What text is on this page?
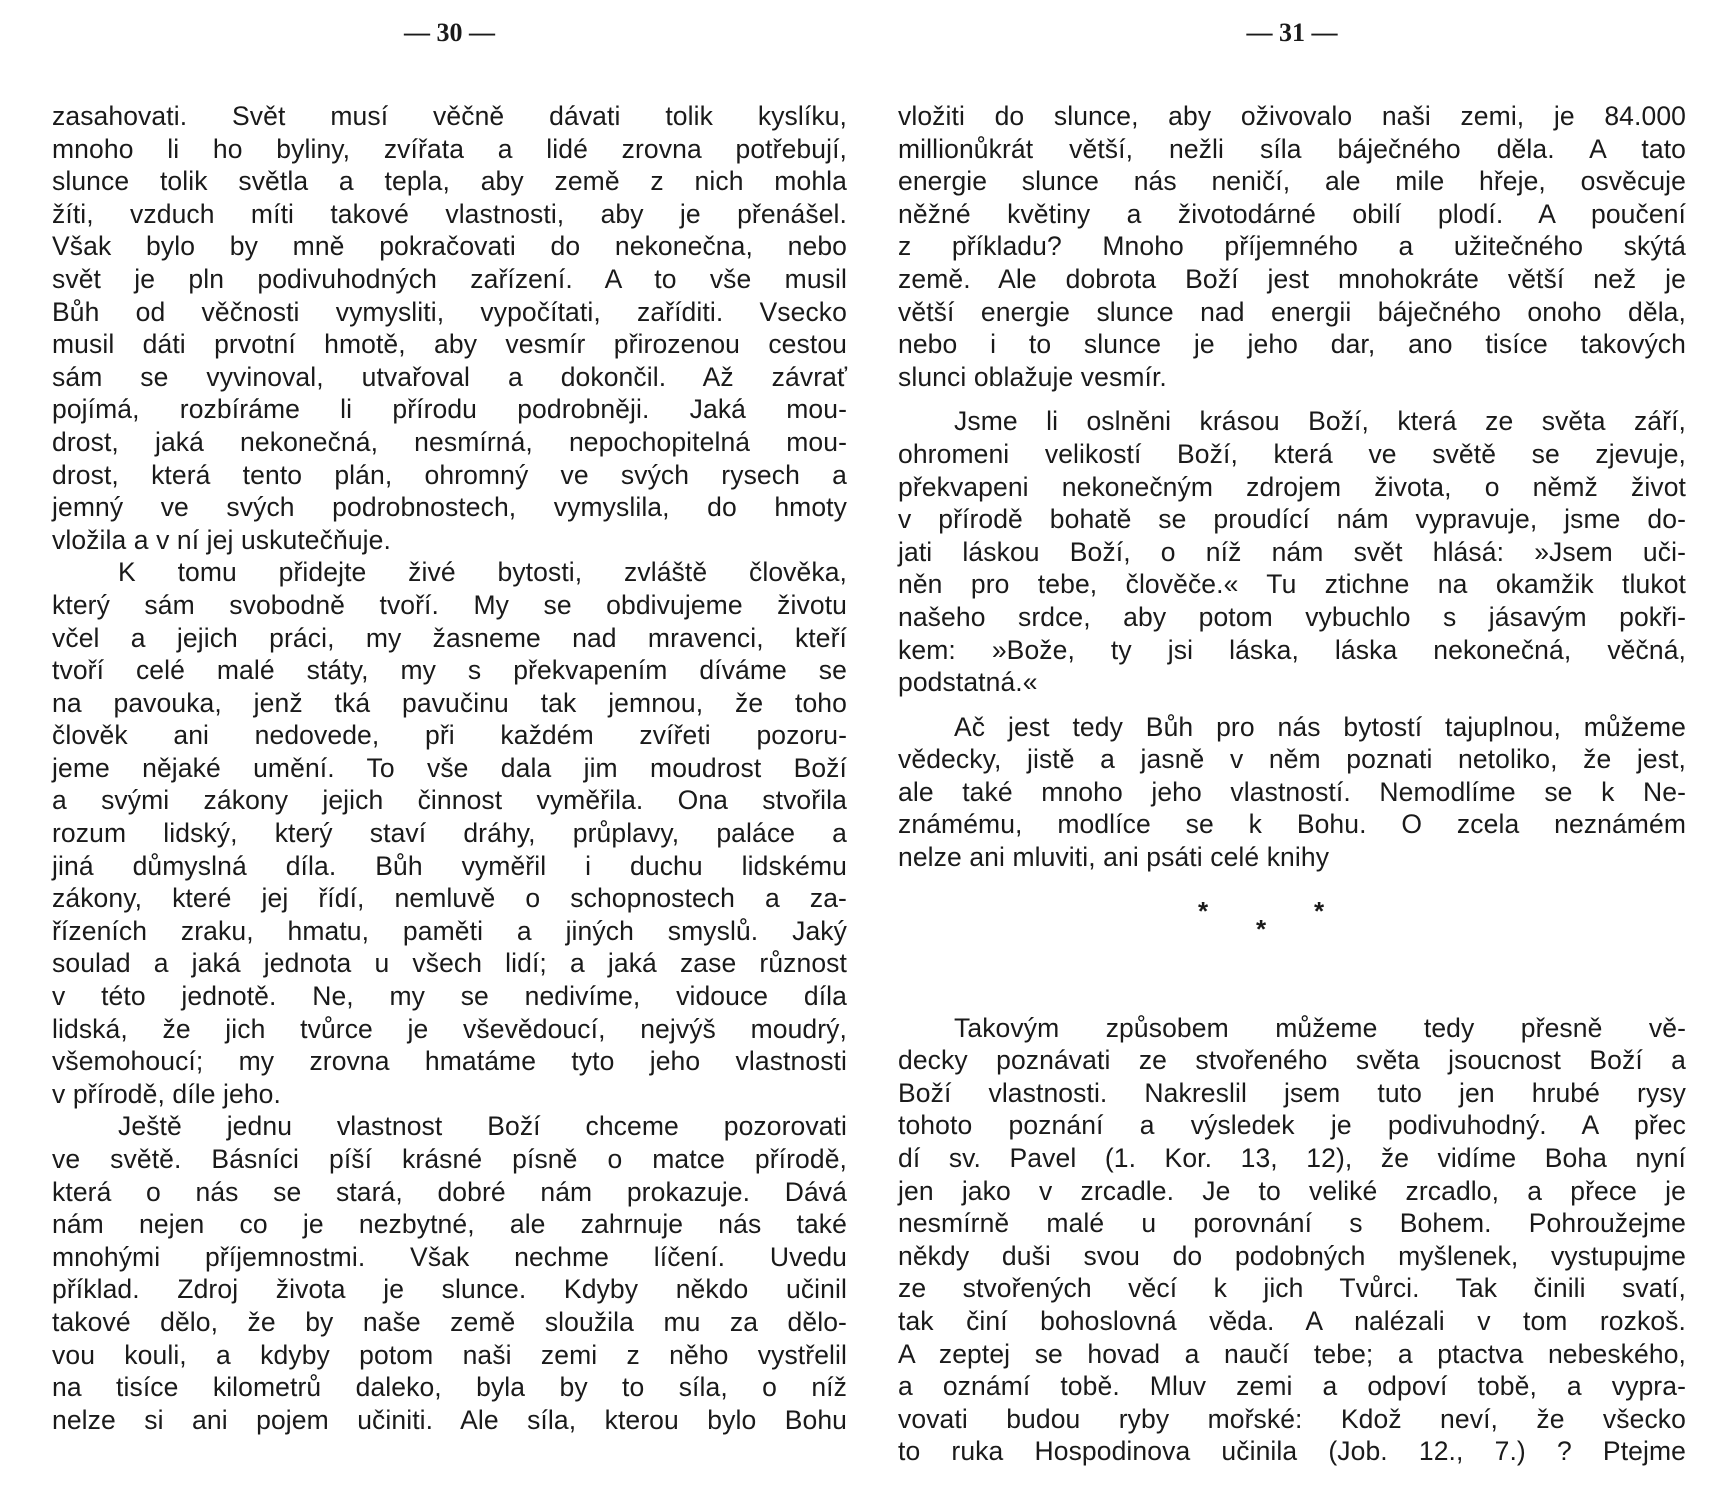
— 30 —
zasahovati. Svět musí věčně dávati tolik kyslíku,
mnoho li ho byliny, zvířata a lidé zrovna potřebují,
slunce tolik světla a tepla, aby země z nich mohla
žíti, vzduch míti takové vlastnosti, aby je přenášel.
Však bylo by mně pokračovati do nekonečna, nebo
svět je pln podivuhodných zařízení. A to vše musil
Bůh od věčnosti vymysliti, vypočítati, zaříditi. Vsecko
musil dáti prvotní hmotě, aby vesmír přirozenou cestou
sám se vyvinoval, utvařoval a dokončil. Až závrať
pojímá, rozbíráme li přírodu podrobněji. Jaká mou-
drost, jaká nekonečná, nesmírná, nepochopitelná mou-
drost, která tento plán, ohromný ve svých rysech a
jemný ve svých podrobnostech, vymyslila, do hmoty
vložila a v ní jej uskutečňuje.
K tomu přidejte živé bytosti, zvláště člověka,
který sám svobodně tvoří. My se obdivujeme životu
včel a jejich práci, my žasneme nad mravenci, kteří
tvoří celé malé státy, my s překvapením díváme se
na pavouka, jenž tká pavučinu tak jemnou, že toho
člověk ani nedovede, při každém zvířeti pozoru-
jeme nějaké umění. To vše dala jim moudrost Boží
a svými zákony jejich činnost vyměřila. Ona stvořila
rozum lidský, který staví dráhy, průplavy, paláce a
jiná důmyslná díla. Bůh vyměřil i duchu lidskému
zákony, které jej řídí, nemluvě o schopnostech a za-
řízeních zraku, hmatu, paměti a jiných smyslů. Jaký
soulad a jaká jednota u všech lidí; a jaká zase různost
v této jednotě. Ne, my se nedivíme, vidouce díla
lidská, že jich tvůrce je vševědoucí, nejvýš moudrý,
všemohoucí; my zrovna hmatáme tyto jeho vlastnosti
v přírodě, díle jeho.
Ještě jednu vlastnost Boží chceme pozorovati
ve světě. Básníci píší krásné písně o matce přírodě,
která o nás se stará, dobré nám prokazuje. Dává
nám nejen co je nezbytné, ale zahrnuje nás také
mnohými příjemnostmi. Však nechme líčení. Uvedu
příklad. Zdroj života je slunce. Kdyby někdo učinil
takové dělo, že by naše země sloužila mu za dělo-
vou kouli, a kdyby potom naši zemi z něho vystřelil
na tisíce kilometrů daleko, byla by to síla, o níž
nelze si ani pojem učiniti. Ale síla, kterou bylo Bohu
— 31 —
vložiti do slunce, aby oživovalo naši zemi, je 84.000
millionůkrát větší, nežli síla báječného děla. A tato
energie slunce nás neničí, ale mile hřeje, osvěcuje
něžné květiny a životodárné obilí plodí. A poučení
z příkladu? Mnoho příjemného a užitečného skýtá
země. Ale dobrota Boží jest mnohokráte větší než je
větší energie slunce nad energii báječného onoho děla,
nebo i to slunce je jeho dar, ano tisíce takových
slunci oblažuje vesmír.
Jsme li oslněni krásou Boží, která ze světa září,
ohromeni velikostí Boží, která ve světě se zjevuje,
překvapeni nekonečným zdrojem života, o němž život
v přírodě bohatě se proudící nám vypravuje, jsme do-
jati láskou Boží, o níž nám svět hlásá: »Jsem uči-
něn pro tebe, člověče.« Tu ztichne na okamžik tlukot
našeho srdce, aby potom vybuchlo s jásavým pokři-
kem: »Bože, ty jsi láska, láska nekonečná, věčná,
podstatná.«
Ač jest tedy Bůh pro nás bytostí tajuplnou, můžeme
vědecky, jistě a jasně v něm poznati netoliko, že jest,
ale také mnoho jeho vlastností. Nemodlíme se k Ne-
známému, modlíce se k Bohu. O zcela neznámém
nelze ani mluviti, ani psáti celé knihy
*
*
*
Takovým způsobem můžeme tedy přesně vě-
decky poznávati ze stvořeného světa jsoucnost Boží a
Boží vlastnosti. Nakreslil jsem tuto jen hrubé rysy
tohoto poznání a výsledek je podivuhodný. A přec
dí sv. Pavel (1. Kor. 13, 12), že vidíme Boha nyní
jen jako v zrcadle. Je to veliké zrcadlo, a přece je
nesmírně malé u porovnání s Bohem. Pohroužejme
někdy duši svou do podobných myšlenek, vystupujme
ze stvořených věcí k jich Tvůrci. Tak činili svatí,
tak činí bohoslovná věda. A nalézali v tom rozkoš.
A zeptej se hovad a naučí tebe; a ptactva nebeského,
a oznámí tobě. Mluv zemi a odpoví tobě, a vypra-
vovati budou ryby mořské: Kdož neví, že všecko
to ruka Hospodinova učinila (Job. 12., 7.) ? Ptejme
